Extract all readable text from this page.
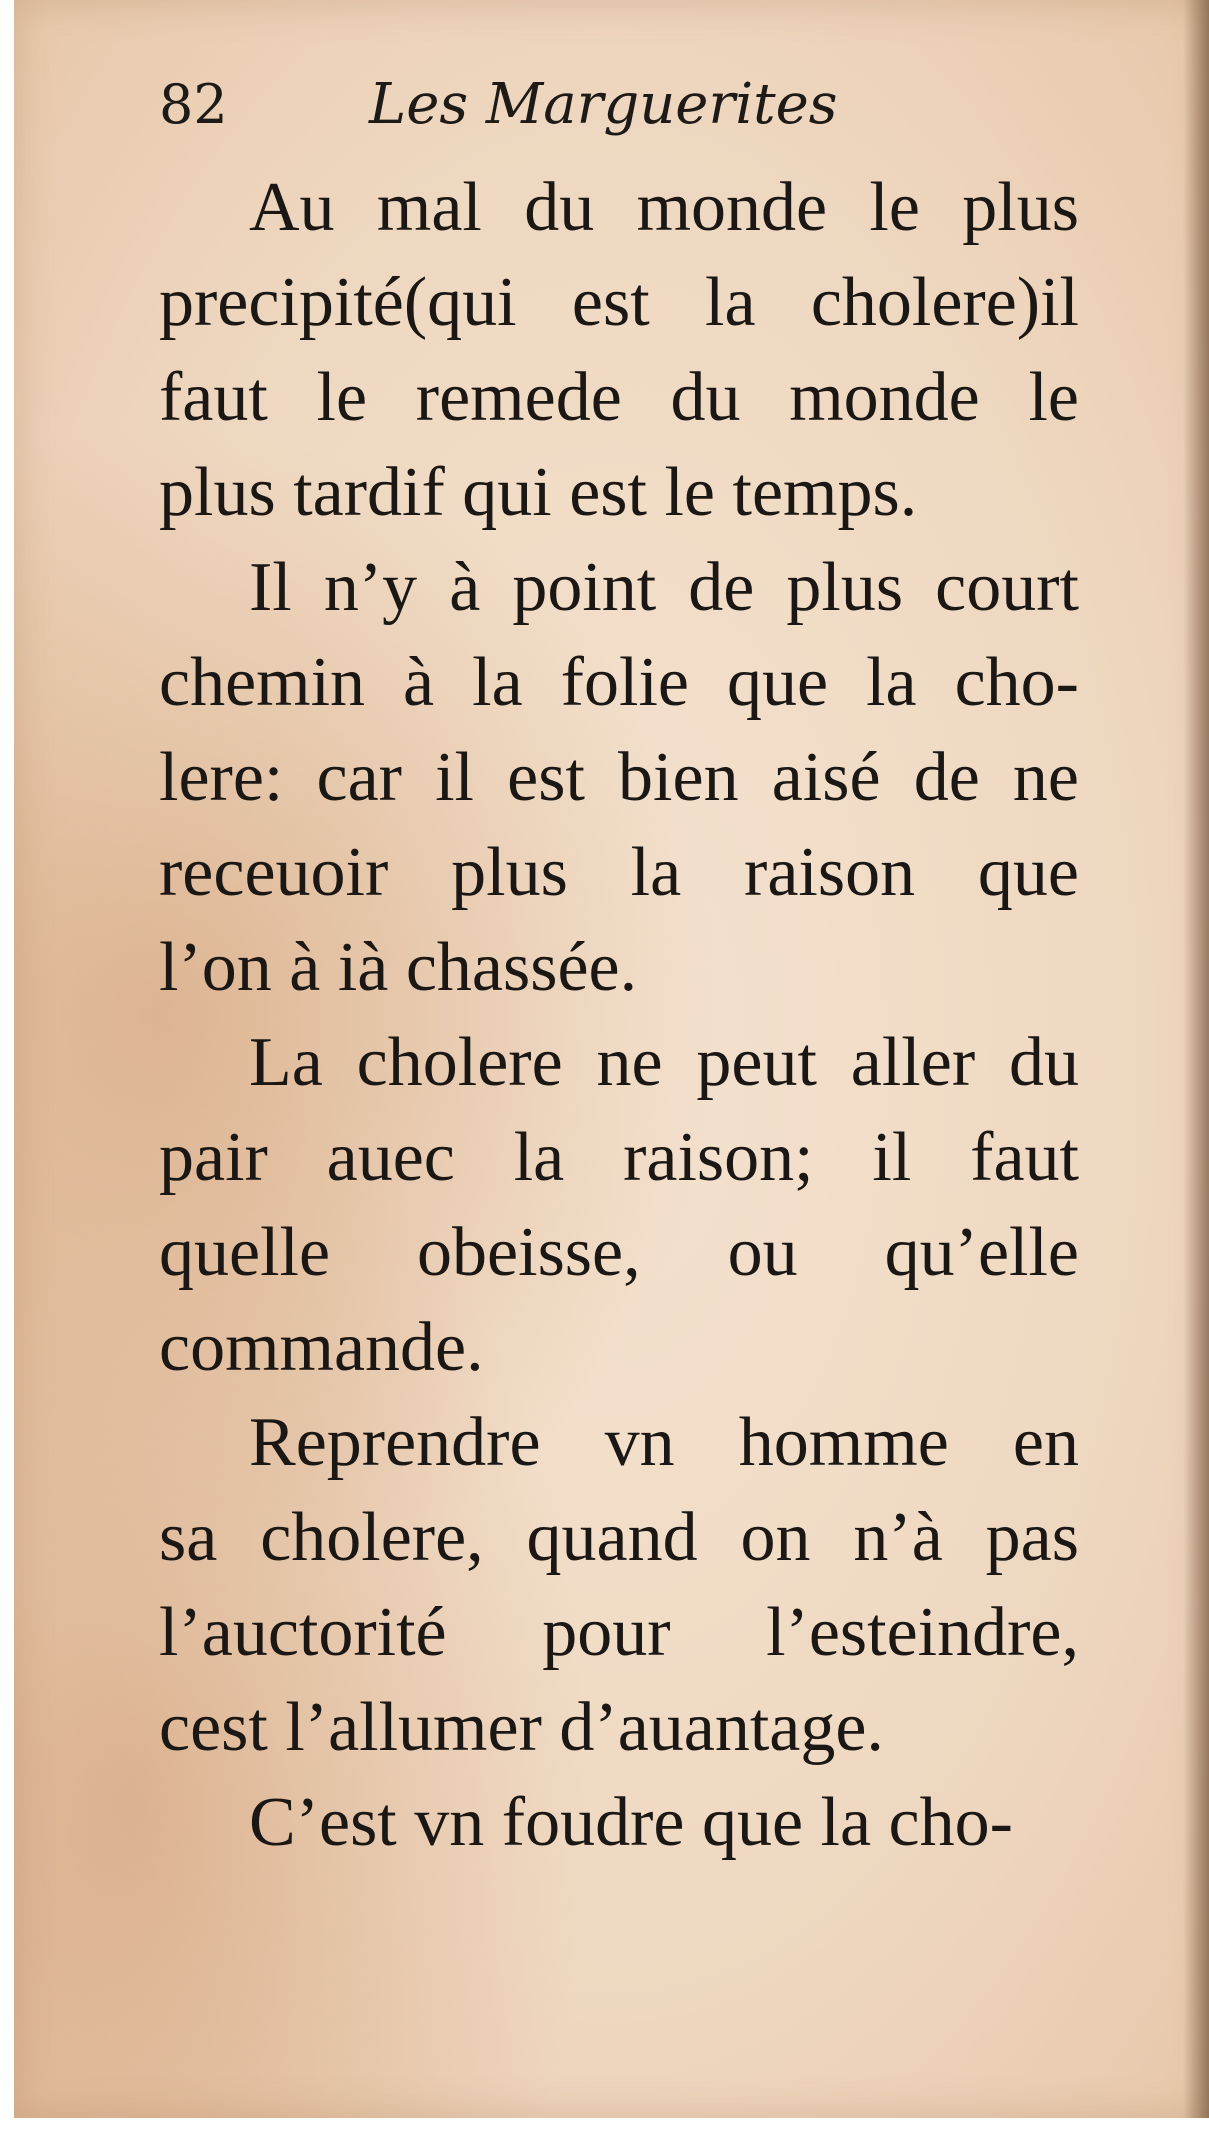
82	Les Marguerites
Au mal du monde le plus
precipité(qui est la cholere)il
faut le remede du monde le
plus tardif qui est le temps.
Il n’y à point de plus court
chemin à la folie que la cho-
lere: car il est bien aisé de ne
receuoir plus la raison que
l’on à ià chassée.
La cholere ne peut aller du
pair auec la raison; il faut
quelle obeisse, ou qu’elle
commande.
Reprendre vn homme en
sa cholere, quand on n’à pas
l’auctorité pour l’esteindre,
cest l’allumer d’auantage.
C’est vn foudre que la cho-
